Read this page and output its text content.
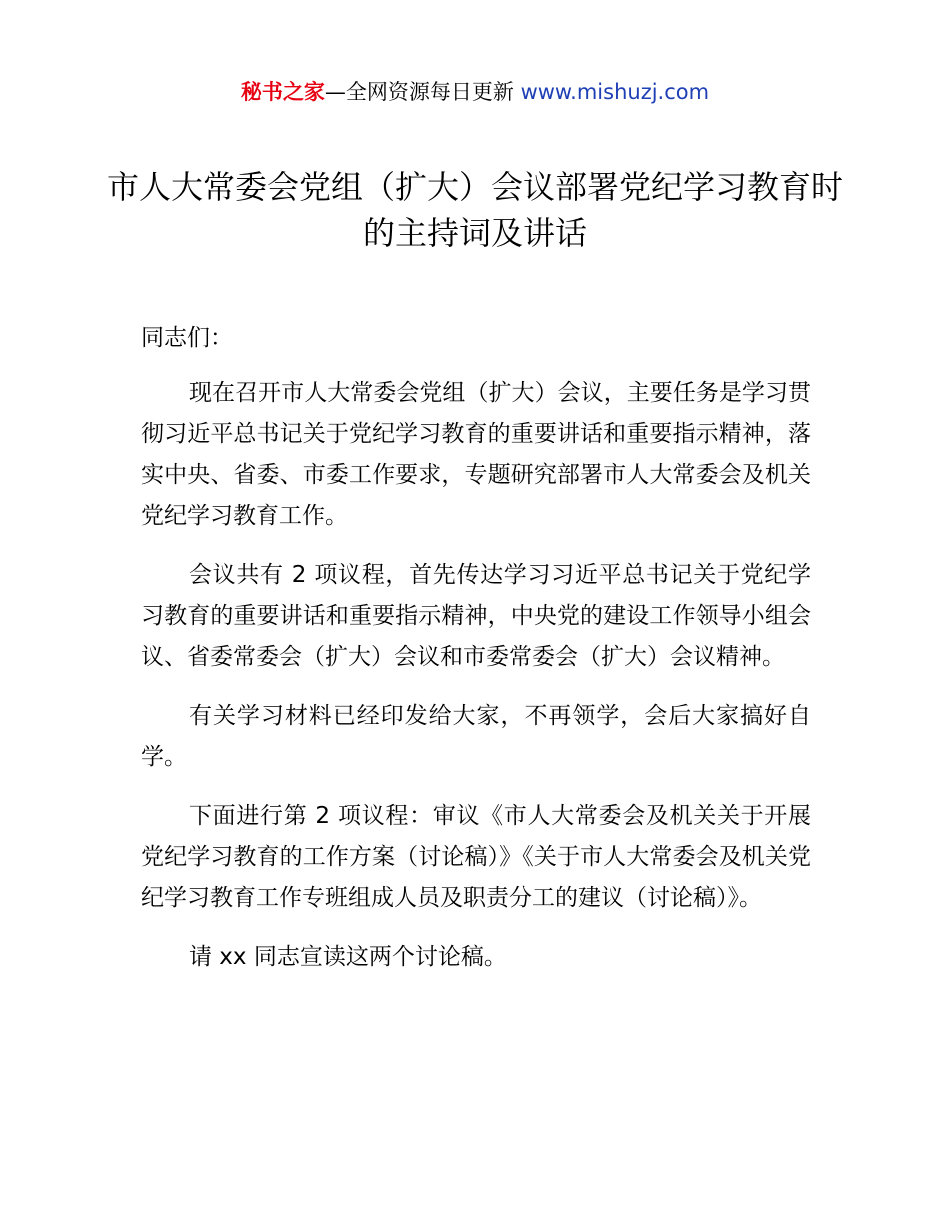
秘书之家—全网资源每日更新 www.mishuzj.com
市人大常委会党组（扩大）会议部署党纪学习教育时的主持词及讲话

同志们：

现在召开市人大常委会党组（扩大）会议，主要任务是学习贯彻习近平总书记关于党纪学习教育的重要讲话和重要指示精神，落实中央、省委、市委工作要求，专题研究部署市人大常委会及机关党纪学习教育工作。

会议共有 2 项议程，首先传达学习习近平总书记关于党纪学习教育的重要讲话和重要指示精神，中央党的建设工作领导小组会议、省委常委会（扩大）会议和市委常委会（扩大）会议精神。

有关学习材料已经印发给大家，不再领学，会后大家搞好自学。

下面进行第 2 项议程：审议《市人大常委会及机关关于开展党纪学习教育的工作方案（讨论稿）》《关于市人大常委会及机关党纪学习教育工作专班组成人员及职责分工的建议（讨论稿）》。

请 xx 同志宣读这两个讨论稿。
